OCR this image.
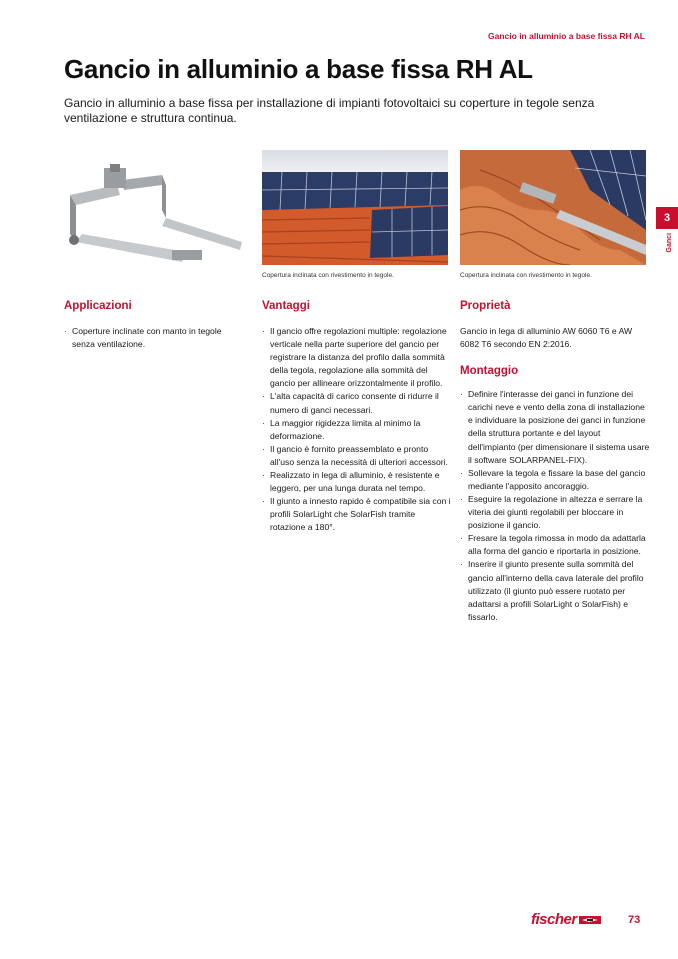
Gancio in alluminio a base fissa RH AL
Gancio in alluminio a base fissa RH AL

Gancio in alluminio a base fissa per installazione di impianti fotovoltaici su coperture in tegole senza ventilazione e struttura continua.

Copertura inclinata con rivestimento in tegole.	Copertura inclinata con rivestimento in tegole.
3
Ganci
Applicazioni
· Coperture inclinate con manto in tegole senza ventilazione.
Vantaggi
· Il gancio offre regolazioni multiple: regolazione verticale nella parte superiore del gancio per registrare la distanza del profilo dalla sommità della tegola, regolazione alla sommità del gancio per allineare orizzontalmente il profilo.
· L'alta capacità di carico consente di ridurre il numero di ganci necessari.
· La maggior rigidezza limita al minimo la deformazione.
· Il gancio è fornito preassemblato e pronto all'uso senza la necessità di ulteriori accessori.
· Realizzato in lega di alluminio, è resistente e leggero, per una lunga durata nel tempo.
· Il giunto a innesto rapido è compatibile sia con i profili SolarLight che SolarFish tramite rotazione a 180°.
Proprietà

Gancio in lega di alluminio AW 6060 T6 e AW 6082 T6 secondo EN 2:2016.

Montaggio
· Definire l'interasse dei ganci in funzione dei carichi neve e vento della zona di installazione e individuare la posizione dei ganci in funzione della struttura portante e del layout dell'impianto (per dimensionare il sistema usare il software SOLARPANEL-FIX).
· Sollevare la tegola e fissare la base del gancio mediante l'apposito ancoraggio.
· Eseguire la regolazione in altezza e serrare la viteria dei giunti regolabili per bloccare in posizione il gancio.
· Fresare la tegola rimossa in modo da adattarla alla forma del gancio e riportarla in posizione.
· Inserire il giunto presente sulla sommità del gancio all'interno della cava laterale del profilo utilizzato (il giunto può essere ruotato per adattarsi a profili SolarLight o SolarFish) e fissarlo.
fischer	73
